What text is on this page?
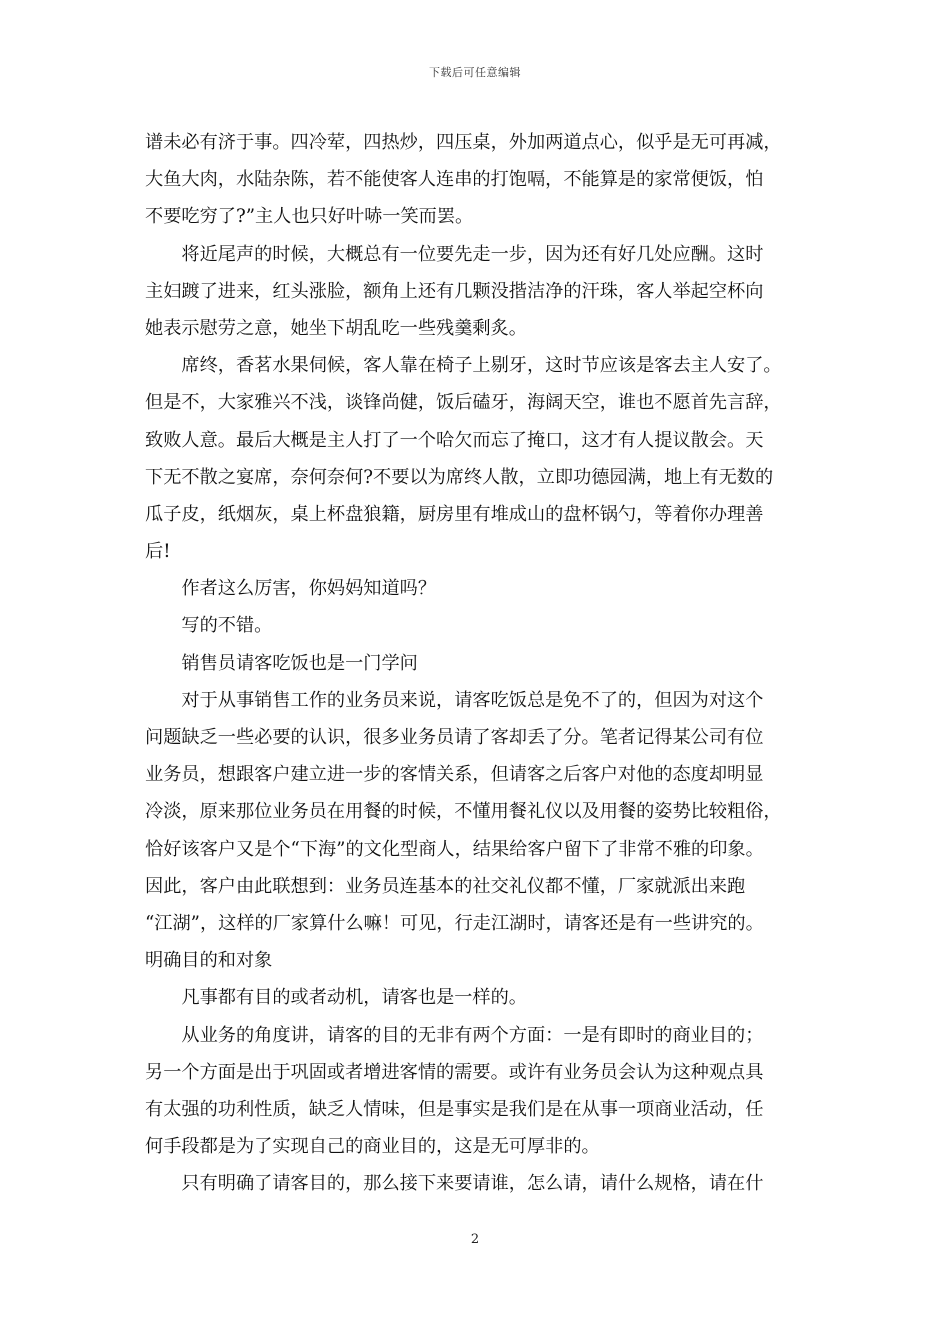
下载后可任意编辑
谱未必有济于事。四冷荤，四热炒，四压桌，外加两道点心，似乎是无可再减，
大鱼大肉，水陆杂陈，若不能使客人连串的打饱嗝，不能算是的家常便饭，怕
不要吃穷了?”主人也只好叶哧一笑而罢。
　　将近尾声的时候，大概总有一位要先走一步，因为还有好几处应酬。这时
主妇踱了进来，红头涨脸，额角上还有几颗没揩洁净的汗珠，客人举起空杯向
她表示慰劳之意，她坐下胡乱吃一些残羹剩炙。
　　席终，香茗水果伺候，客人靠在椅子上剔牙，这时节应该是客去主人安了。
但是不，大家雅兴不浅，谈锋尚健，饭后磕牙，海阔天空，谁也不愿首先言辞，
致败人意。最后大概是主人打了一个哈欠而忘了掩口，这才有人提议散会。天
下无不散之宴席，奈何奈何?不要以为席终人散，立即功德园满，地上有无数的
瓜子皮，纸烟灰，桌上杯盘狼籍，厨房里有堆成山的盘杯锅勺，等着你办理善
后!
　　作者这么厉害，你妈妈知道吗？
　　写的不错。
　　销售员请客吃饭也是一门学问
　　对于从事销售工作的业务员来说，请客吃饭总是免不了的，但因为对这个
问题缺乏一些必要的认识，很多业务员请了客却丢了分。笔者记得某公司有位
业务员，想跟客户建立进一步的客情关系，但请客之后客户对他的态度却明显
冷淡，原来那位业务员在用餐的时候，不懂用餐礼仪以及用餐的姿势比较粗俗，
恰好该客户又是个“下海”的文化型商人，结果给客户留下了非常不雅的印象。
因此，客户由此联想到：业务员连基本的社交礼仪都不懂，厂家就派出来跑
“江湖”，这样的厂家算什么嘛！可见，行走江湖时，请客还是有一些讲究的。
明确目的和对象
　　凡事都有目的或者动机，请客也是一样的。
　　从业务的角度讲，请客的目的无非有两个方面：一是有即时的商业目的；
另一个方面是出于巩固或者增进客情的需要。或许有业务员会认为这种观点具
有太强的功利性质，缺乏人情味，但是事实是我们是在从事一项商业活动，任
何手段都是为了实现自己的商业目的，这是无可厚非的。
　　只有明确了请客目的，那么接下来要请谁，怎么请，请什么规格，请在什
2
